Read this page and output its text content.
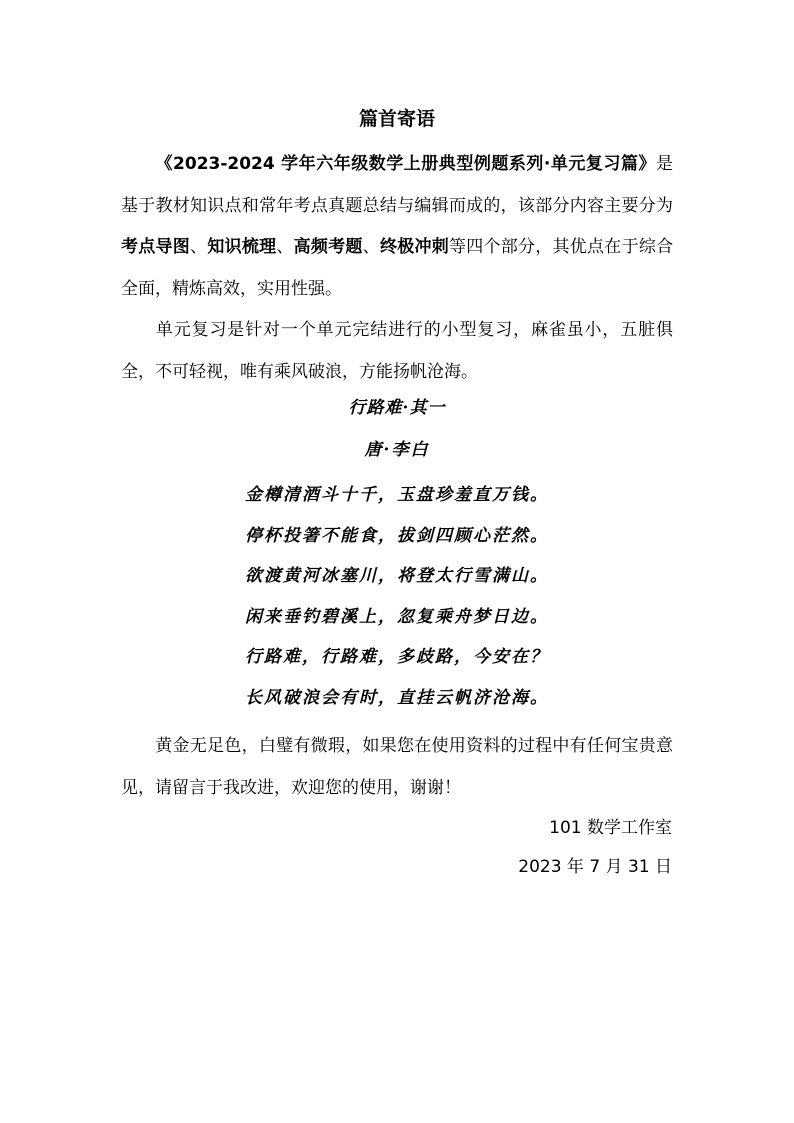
篇首寄语
《2023-2024 学年六年级数学上册典型例题系列·单元复习篇》是基于教材知识点和常年考点真题总结与编辑而成的，该部分内容主要分为考点导图、知识梳理、高频考题、终极冲刺等四个部分，其优点在于综合全面，精炼高效，实用性强。
单元复习是针对一个单元完结进行的小型复习，麻雀虽小，五脏俱全，不可轻视，唯有乘风破浪，方能扬帆沧海。
行路难·其一
唐·李白
金樽清酒斗十千，玉盘珍羞直万钱。
停杯投箸不能食，拔剑四顾心茫然。
欲渡黄河冰塞川，将登太行雪满山。
闲来垂钓碧溪上，忽复乘舟梦日边。
行路难，行路难，多歧路，今安在？
长风破浪会有时，直挂云帆济沧海。
黄金无足色，白璧有微瑕，如果您在使用资料的过程中有任何宝贵意见，请留言于我改进，欢迎您的使用，谢谢！
101 数学工作室
2023 年 7 月 31 日
